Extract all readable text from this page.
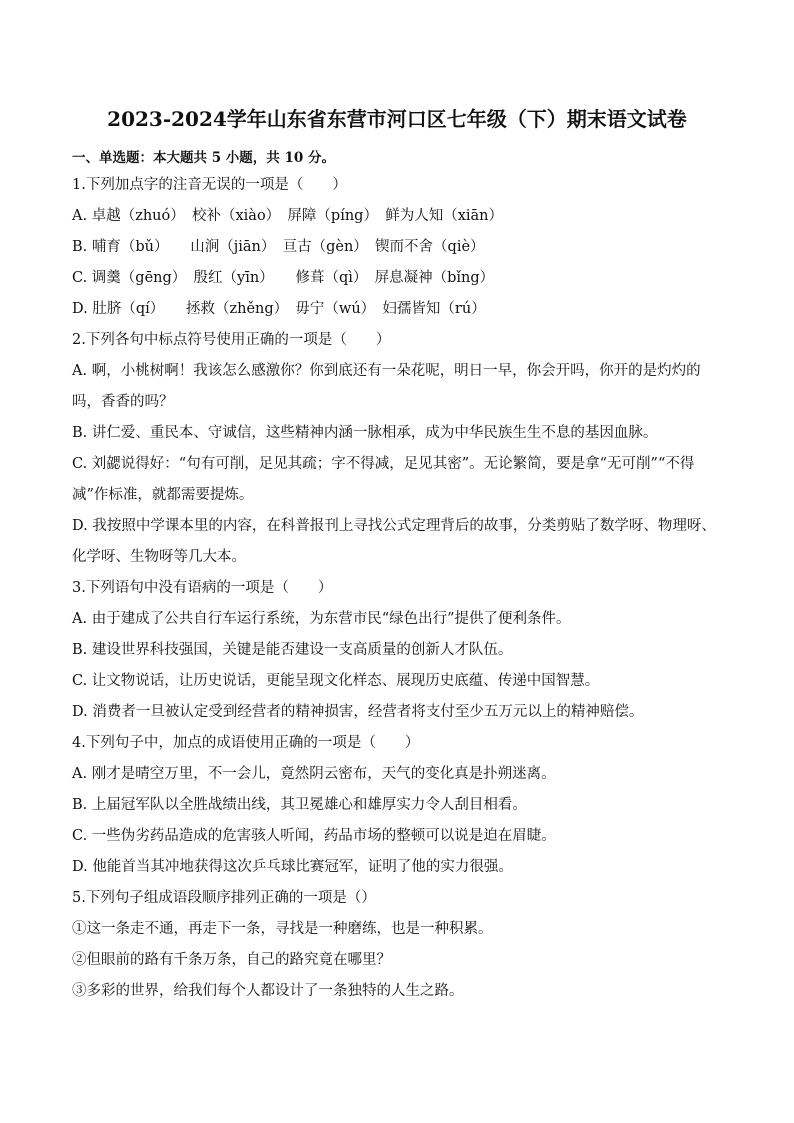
2023-2024学年山东省东营市河口区七年级（下）期末语文试卷
一、单选题：本大题共 5 小题，共 10 分。

1.下列加点字的注音无误的一项是（　　）

A. 卓越（zhuó）　校补（xiào）　屏障（píng）　鲜为人知（xiān）

B. 哺育（bǔ）　　山涧（jiān）　亘古（gèn）　锲而不舍（qiè）

C. 调羹（gēng）　殷红（yīn）　　修葺（qì）　屏息凝神（bǐng）

D. 肚脐（qí）　　拯救（zhěng）　毋宁（wú）　妇孺皆知（rú）

2.下列各句中标点符号使用正确的一项是（　　）

A. 啊，小桃树啊！我该怎么感激你？你到底还有一朵花呢，明日一早，你会开吗，你开的是灼灼的吗，香香的吗？

B. 讲仁爱、重民本、守诚信，这些精神内涵一脉相承，成为中华民族生生不息的基因血脉。

C. 刘勰说得好：“句有可削，足见其疏；字不得减，足见其密”。无论繁简，要是拿“无可削”“不得减”作标准，就都需要提炼。

D. 我按照中学课本里的内容，在科普报刊上寻找公式定理背后的故事，分类剪贴了数学呀、物理呀、化学呀、生物呀等几大本。

3.下列语句中没有语病的一项是（　　）

A. 由于建成了公共自行车运行系统，为东营市民“绿色出行”提供了便利条件。

B. 建设世界科技强国，关键是能否建设一支高质量的创新人才队伍。

C. 让文物说话，让历史说话，更能呈现文化样态、展现历史底蕴、传递中国智慧。

D. 消费者一旦被认定受到经营者的精神损害，经营者将支付至少五万元以上的精神赔偿。

4.下列句子中，加点的成语使用正确的一项是（　　）

A. 刚才是晴空万里，不一会儿，竟然阴云密布，天气的变化真是扑朔迷离。

B. 上届冠军队以全胜战绩出线，其卫冕雄心和雄厚实力令人刮目相看。

C. 一些伪劣药品造成的危害骇人听闻，药品市场的整顿可以说是迫在眉睫。

D. 他能首当其冲地获得这次乒乓球比赛冠军，证明了他的实力很强。

5.下列句子组成语段顺序排列正确的一项是（）

①这一条走不通，再走下一条，寻找是一种磨练，也是一种积累。

②但眼前的路有千条万条，自己的路究竟在哪里？

③多彩的世界，给我们每个人都设计了一条独特的人生之路。
